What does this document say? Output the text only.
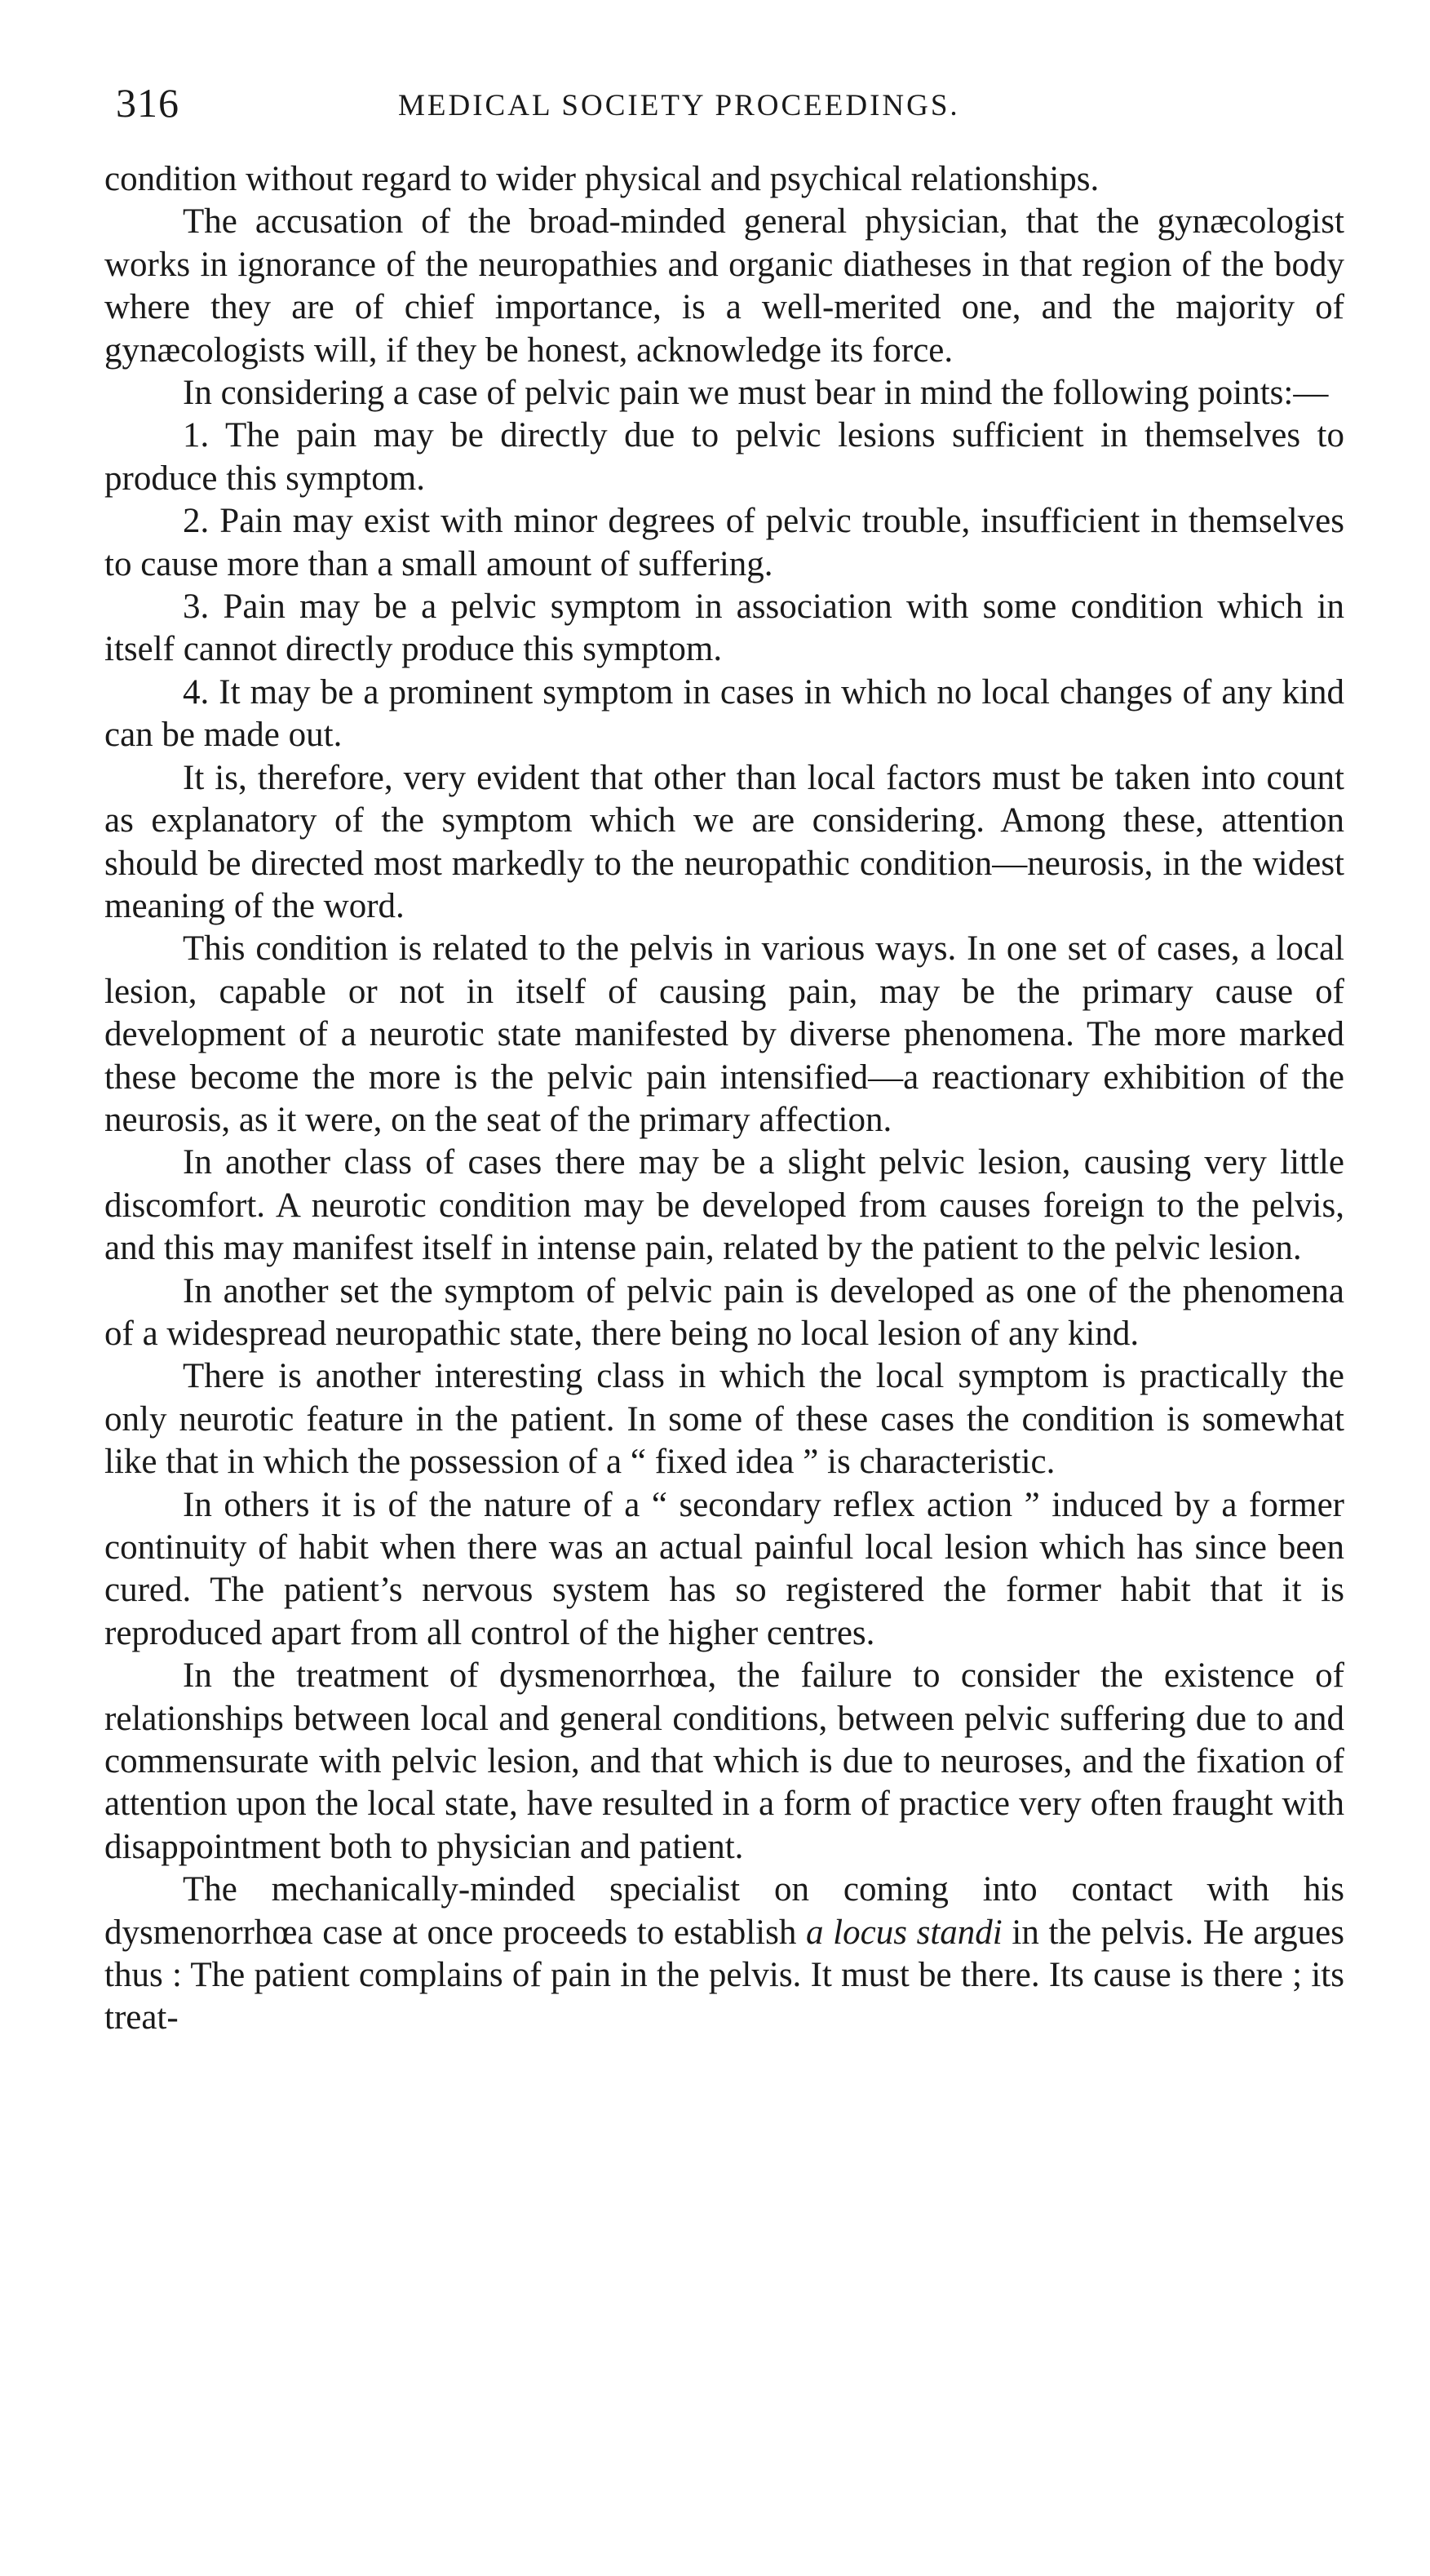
316	MEDICAL SOCIETY PROCEEDINGS.

condition without regard to wider physical and psychical relationships.

The accusation of the broad-minded general physician, that the gynæcologist works in ignorance of the neuropathies and organic diatheses in that region of the body where they are of chief importance, is a well-merited one, and the majority of gynæcologists will, if they be honest, acknowledge its force.

In considering a case of pelvic pain we must bear in mind the following points:—

1. The pain may be directly due to pelvic lesions sufficient in themselves to produce this symptom.

2. Pain may exist with minor degrees of pelvic trouble, insufficient in themselves to cause more than a small amount of suffering.

3. Pain may be a pelvic symptom in association with some condition which in itself cannot directly produce this symptom.

4. It may be a prominent symptom in cases in which no local changes of any kind can be made out.

It is, therefore, very evident that other than local factors must be taken into count as explanatory of the symptom which we are considering. Among these, attention should be directed most markedly to the neuropathic condition—neurosis, in the widest meaning of the word.

This condition is related to the pelvis in various ways. In one set of cases, a local lesion, capable or not in itself of causing pain, may be the primary cause of development of a neurotic state manifested by diverse phenomena. The more marked these become the more is the pelvic pain intensified—a reactionary exhibition of the neurosis, as it were, on the seat of the primary affection.

In another class of cases there may be a slight pelvic lesion, causing very little discomfort. A neurotic condition may be developed from causes foreign to the pelvis, and this may manifest itself in intense pain, related by the patient to the pelvic lesion.

In another set the symptom of pelvic pain is developed as one of the phenomena of a widespread neuropathic state, there being no local lesion of any kind.

There is another interesting class in which the local symptom is practically the only neurotic feature in the patient. In some of these cases the condition is somewhat like that in which the possession of a “ fixed idea ” is characteristic.

In others it is of the nature of a “ secondary reflex action ” induced by a former continuity of habit when there was an actual painful local lesion which has since been cured. The patient’s nervous system has so registered the former habit that it is reproduced apart from all control of the higher centres.

In the treatment of dysmenorrhœa, the failure to consider the existence of relationships between local and general conditions, between pelvic suffering due to and commensurate with pelvic lesion, and that which is due to neuroses, and the fixation of attention upon the local state, have resulted in a form of practice very often fraught with disappointment both to physician and patient.

The mechanically-minded specialist on coming into contact with his dysmenorrhœa case at once proceeds to establish a locus standi in the pelvis. He argues thus : The patient complains of pain in the pelvis. It must be there. Its cause is there ; its treat-
